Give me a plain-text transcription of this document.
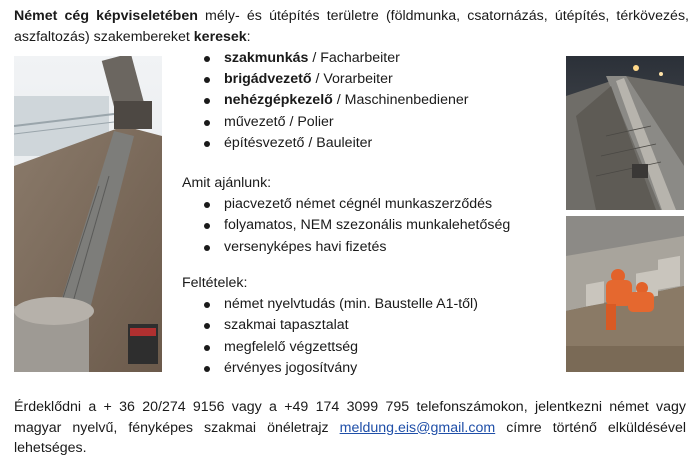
Német cég képviseletében mély- és útépítés területre (földmunka, csatornázás, útépítés, térkövezés, aszfaltozás) szakembereket keresek:
szakmunkás / Facharbeiter
brigádvezető / Vorarbeiter
nehézgépkezelő / Maschinenbediener
művezető / Polier
építésvezető / Bauleiter
Amit ajánlunk:
piacvezető német cégnél munkaszerződés
folyamatos, NEM szezonális munkalehetőség
versenyképes havi fizetés
Feltételek:
német nyelvtudás (min. Baustelle A1-től)
szakmai tapasztalat
megfelelő végzettség
érvényes jogosítvány
Érdeklődni a + 36 20/274 9156 vagy a +49 174 3099 795 telefonszámokon, jelentkezni német vagy magyar nyelvű, fényképes szakmai önéletrajz meldung.eis@gmail.com címre történő elküldésével lehetséges.
